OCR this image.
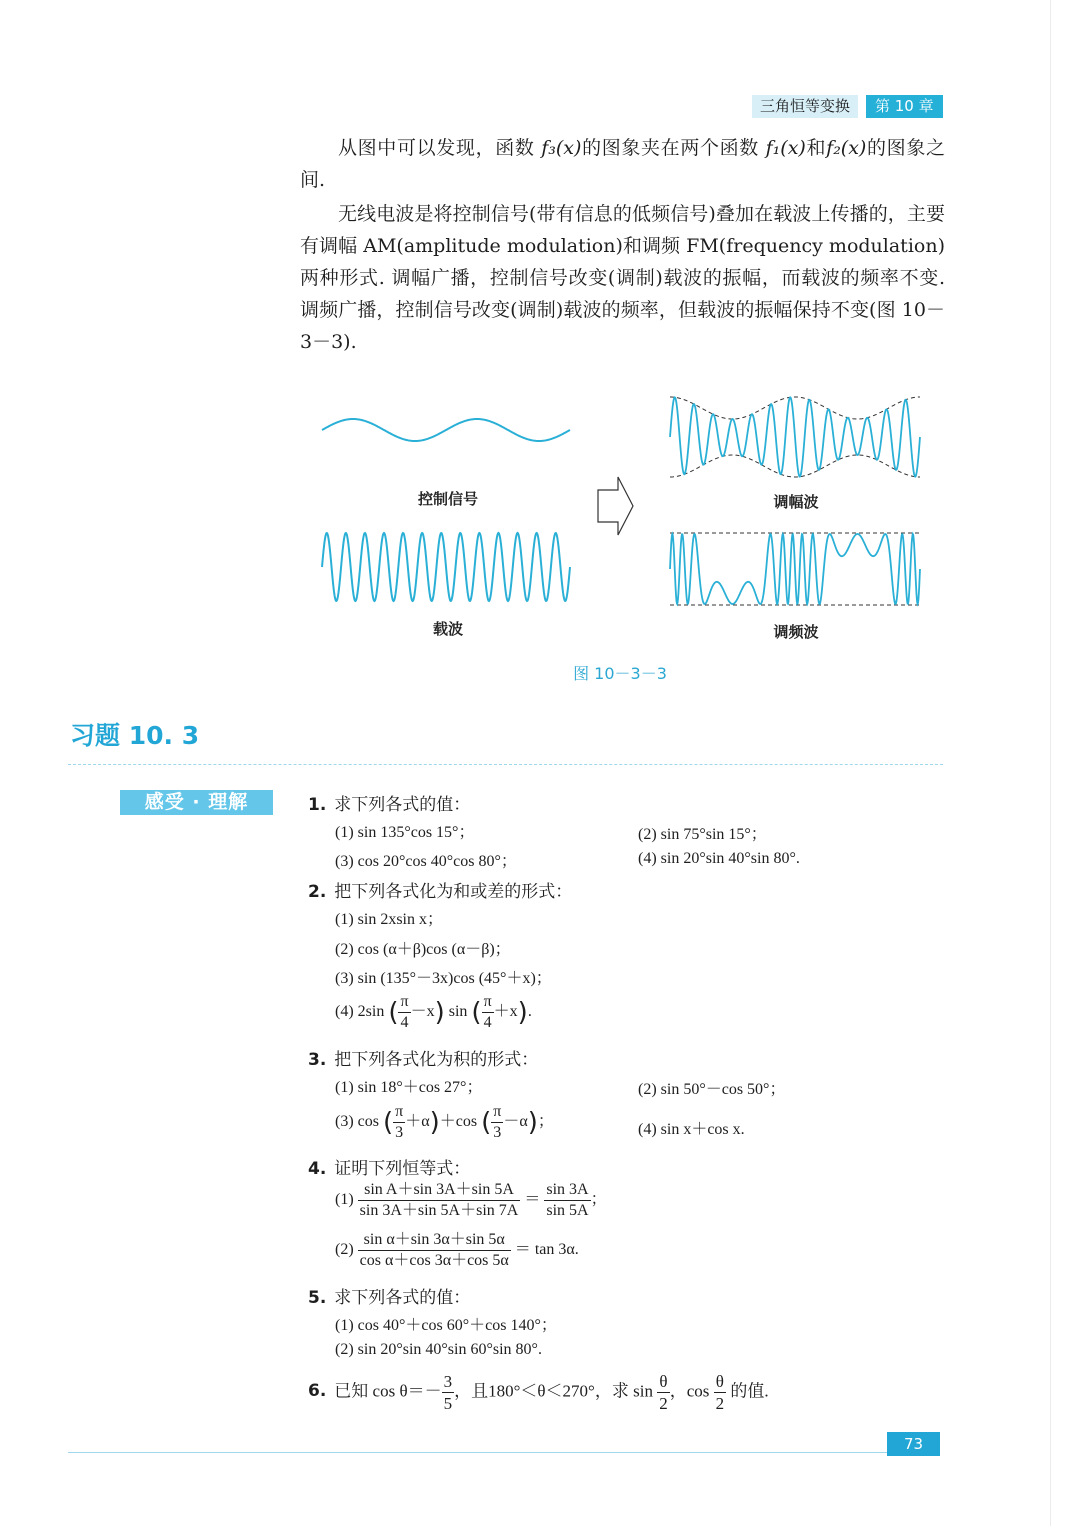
三角恒等变换	第 10 章

从图中可以发现，函数 f₃(x)的图象夹在两个函数 f₁(x)和f₂(x)的图象之间.

无线电波是将控制信号(带有信息的低频信号)叠加在载波上传播的，主要有调幅 AM(amplitude modulation)和调频 FM(frequency modulation)两种形式. 调幅广播，控制信号改变(调制)载波的振幅，而载波的频率不变. 调频广播，控制信号改变(调制)载波的频率，但载波的振幅保持不变(图 10－3－3).

控制信号
载波
调幅波
调频波
图 10－3－3
习题 10. 3
感受 · 理解	1. 求下列各式的值：
(1) sin 135°cos 15°；	(2) sin 75°sin 15°；
(3) cos 20°cos 40°cos 80°；	(4) sin 20°sin 40°sin 80°.
2. 把下列各式化为和或差的形式：
(1) sin 2xsin x；
(2) cos (α＋β)cos (α－β)；
(3) sin (135°－3x)cos (45°＋x)；
(4) 2sin ( $\frac{\pi}{4} -x$) sin ( $\frac{\pi}{4} +x$).
3. 把下列各式化为积的形式：
(1) sin 18°＋cos 27°；	(2) sin 50°－cos 50°；
(3) cos ( $\frac{\pi}{3} +\alpha)+\cos$ ( $\frac{\pi}{3} -\alpha$)；	(4) sin x＋cos x.
4. 证明下列恒等式：
$(1) \frac{\text{sin A＋sin 3A＋sin 5A}}{\sin 3A+\sin 5A+\sin 7A} = \frac{\sin 3A}{\sin 5A}$ ；
$(2) \frac{\text{sin α＋sin 3α＋sin 5α}}{\text{cos α＋cos 3α＋cos 5α}} = \tan 3\alpha$.
5. 求下列各式的值：
(1) cos 40°＋cos 60°＋cos 140°；
(2) sin 20°sin 40°sin 60°sin 80°.
6. 已知 $\cos \theta=- \frac{3}{5}$ ，且180°＜θ＜270°，求 $\sin \frac{\theta}{2}$ ，$\cos \frac{\theta}{2}$ 的值.
73
